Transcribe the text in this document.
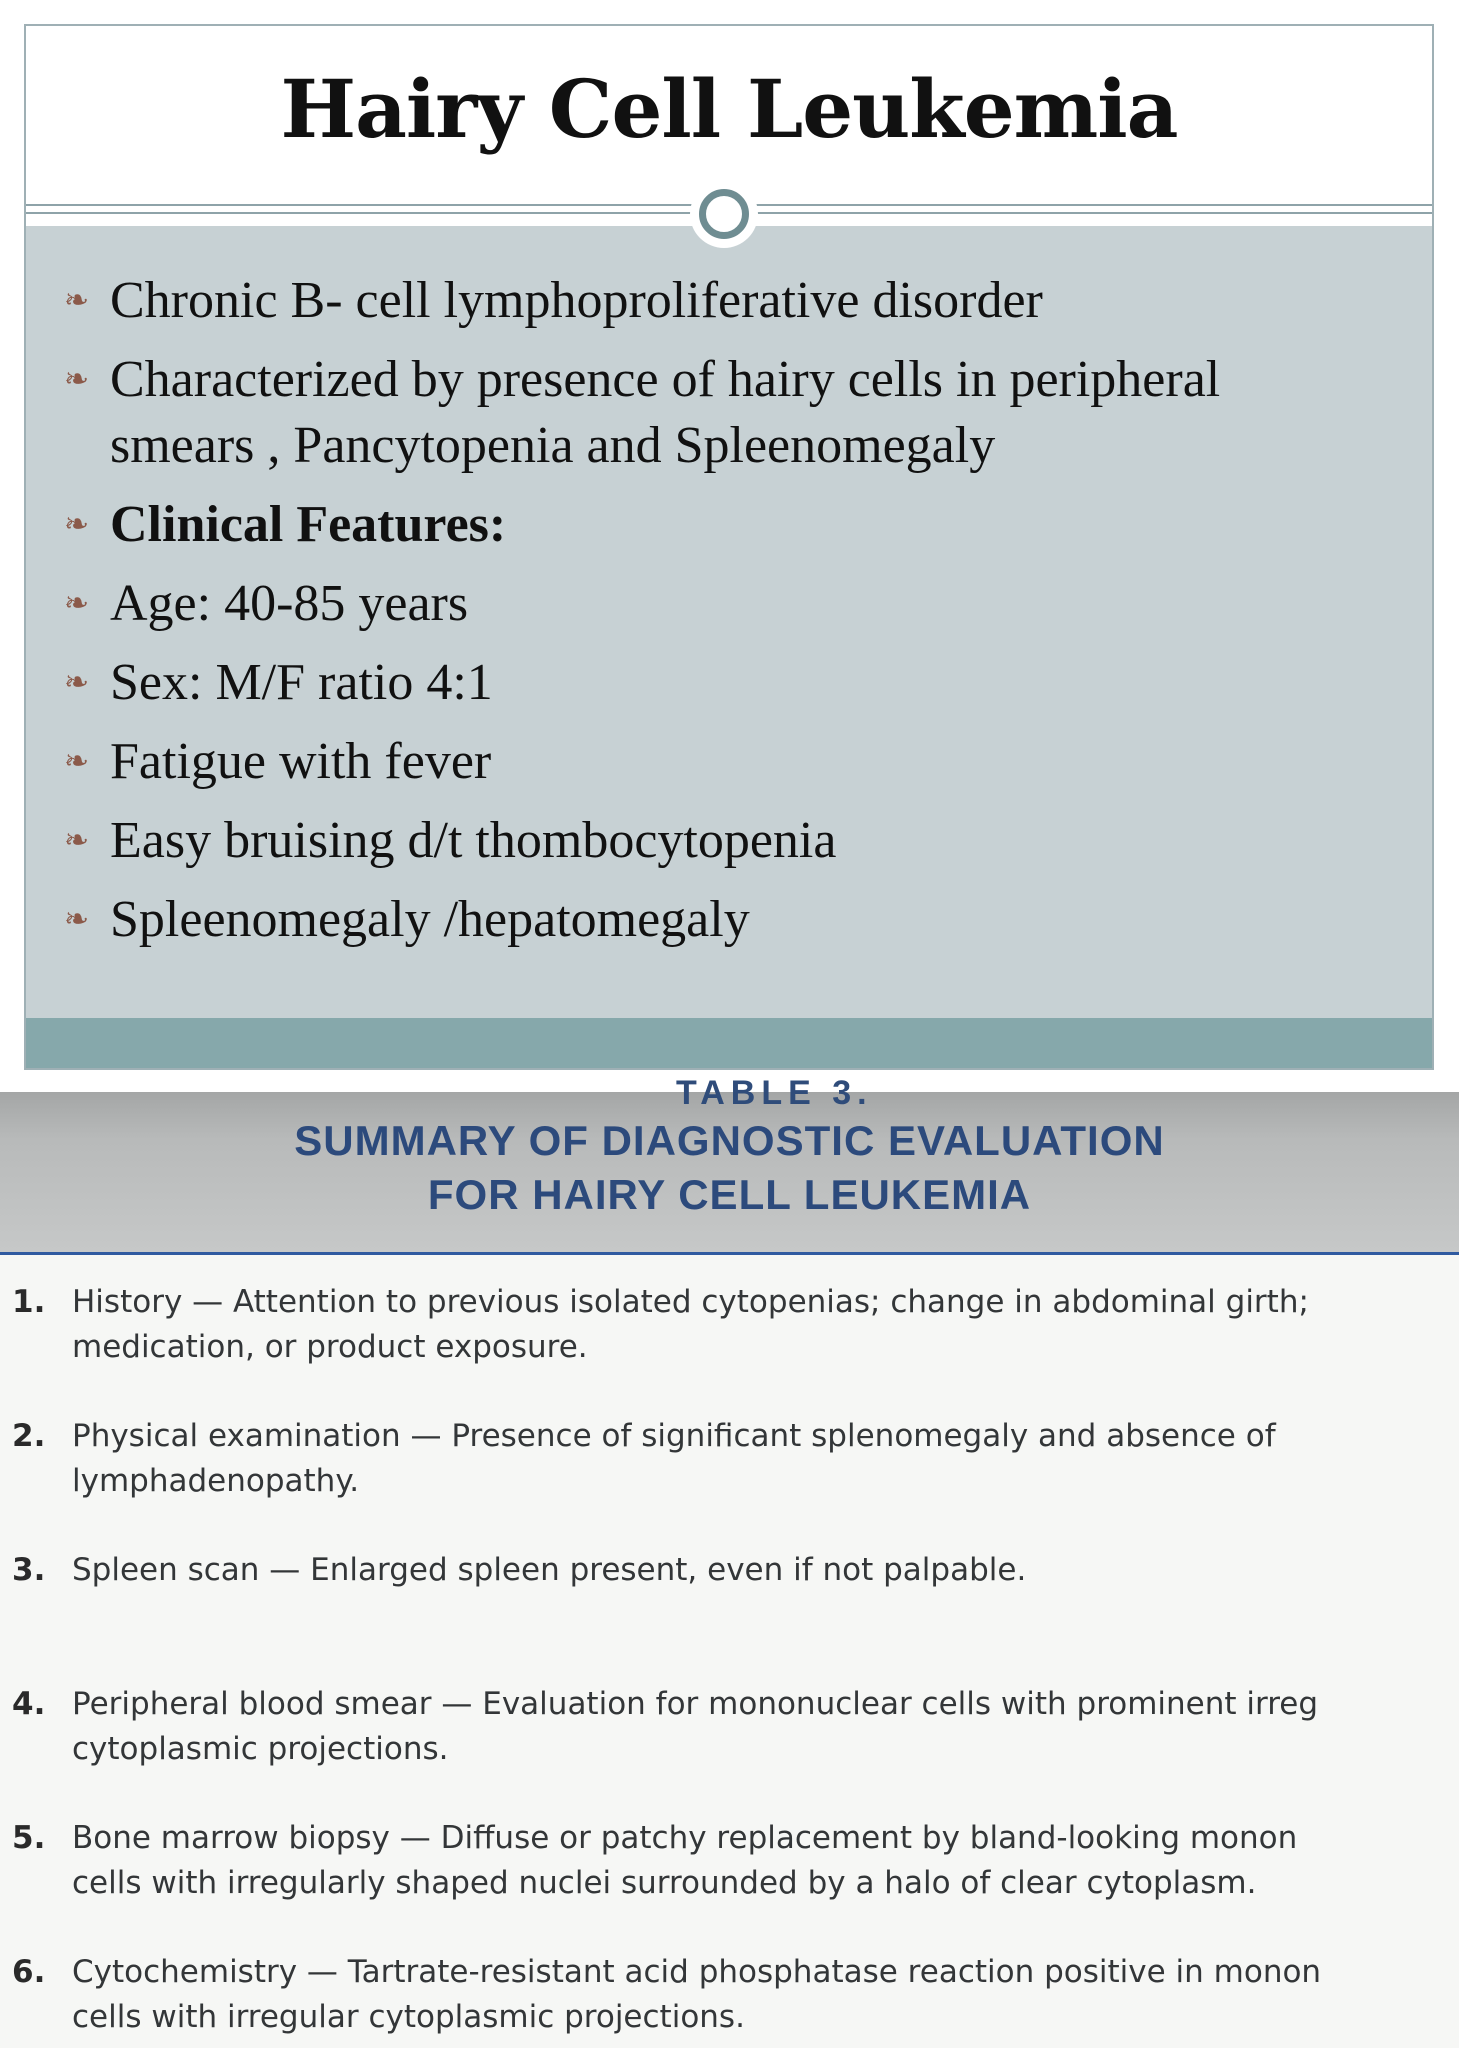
Hairy Cell Leukemia
❧ Chronic B- cell lymphoproliferative disorder
❧ Characterized by presence of hairy cells in peripheral
smears , Pancytopenia and Spleenomegaly
❧ Clinical Features:
❧ Age: 40-85 years
❧ Sex: M/F ratio 4:1
❧ Fatigue with fever
❧ Easy bruising d/t thombocytopenia
❧ Spleenomegaly /hepatomegaly
TABLE 3.
SUMMARY OF DIAGNOSTIC EVALUATION
FOR HAIRY CELL LEUKEMIA
1. History — Attention to previous isolated cytopenias; change in abdominal girth;
medication, or product exposure.
2. Physical examination — Presence of significant splenomegaly and absence of
lymphadenopathy.
3. Spleen scan — Enlarged spleen present, even if not palpable.
4. Peripheral blood smear — Evaluation for mononuclear cells with prominent irreg
cytoplasmic projections.
5. Bone marrow biopsy — Diffuse or patchy replacement by bland-looking monon
cells with irregularly shaped nuclei surrounded by a halo of clear cytoplasm.
6. Cytochemistry — Tartrate-resistant acid phosphatase reaction positive in monon
cells with irregular cytoplasmic projections.
